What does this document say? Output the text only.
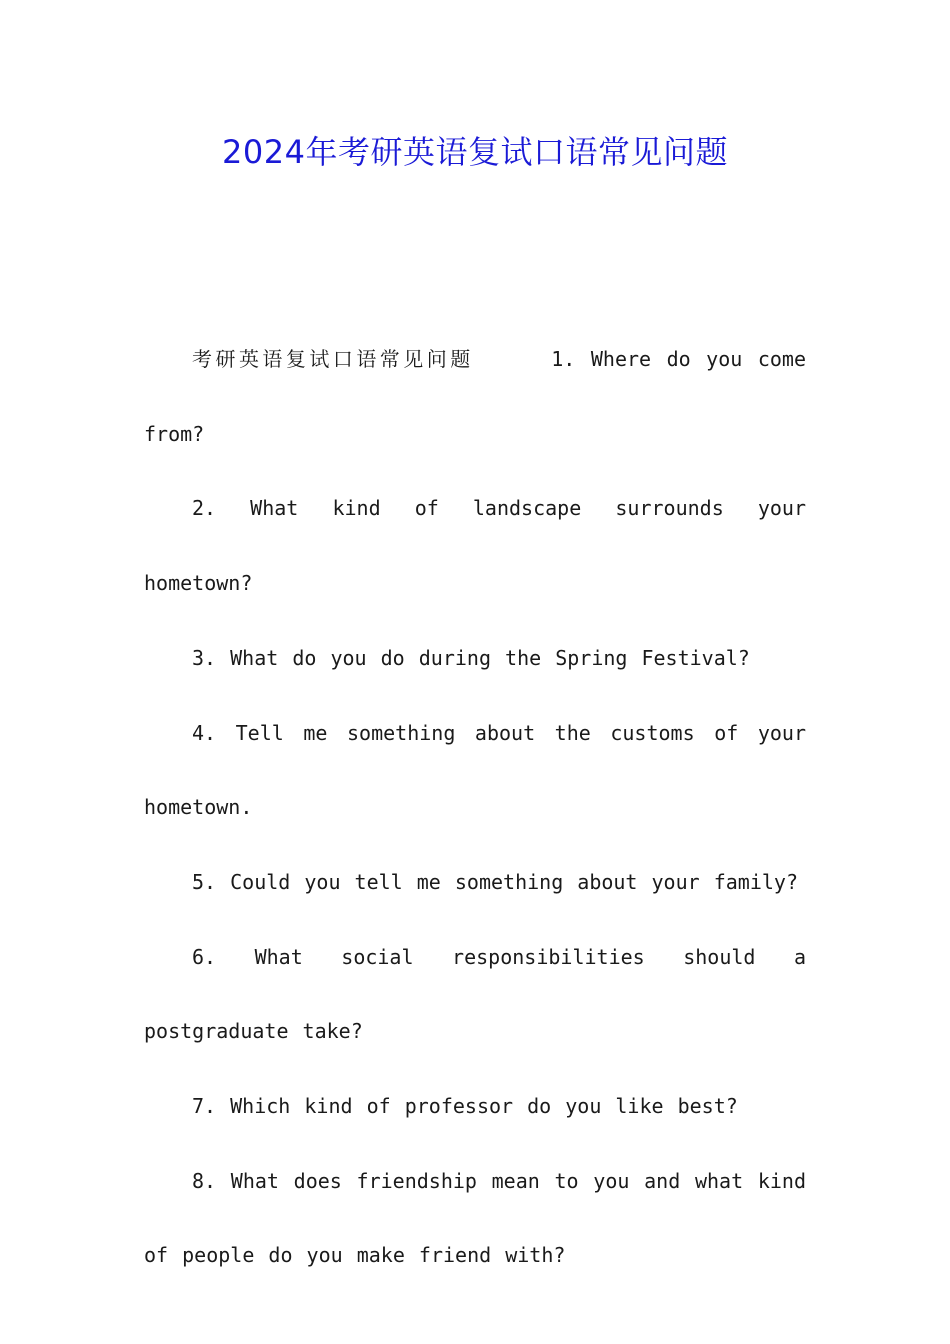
2024年考研英语复试口语常见问题

考研英语复试口语常见问题	1. Where do you come from?

2. What kind of landscape surrounds your hometown?

3. What do you do during the Spring Festival?

4. Tell me something about the customs of your hometown.

5. Could you tell me something about your family?

6. What social responsibilities should a postgraduate take?

7. Which kind of professor do you like best?

8. What does friendship mean to you and what kind of people do you make friend with?
